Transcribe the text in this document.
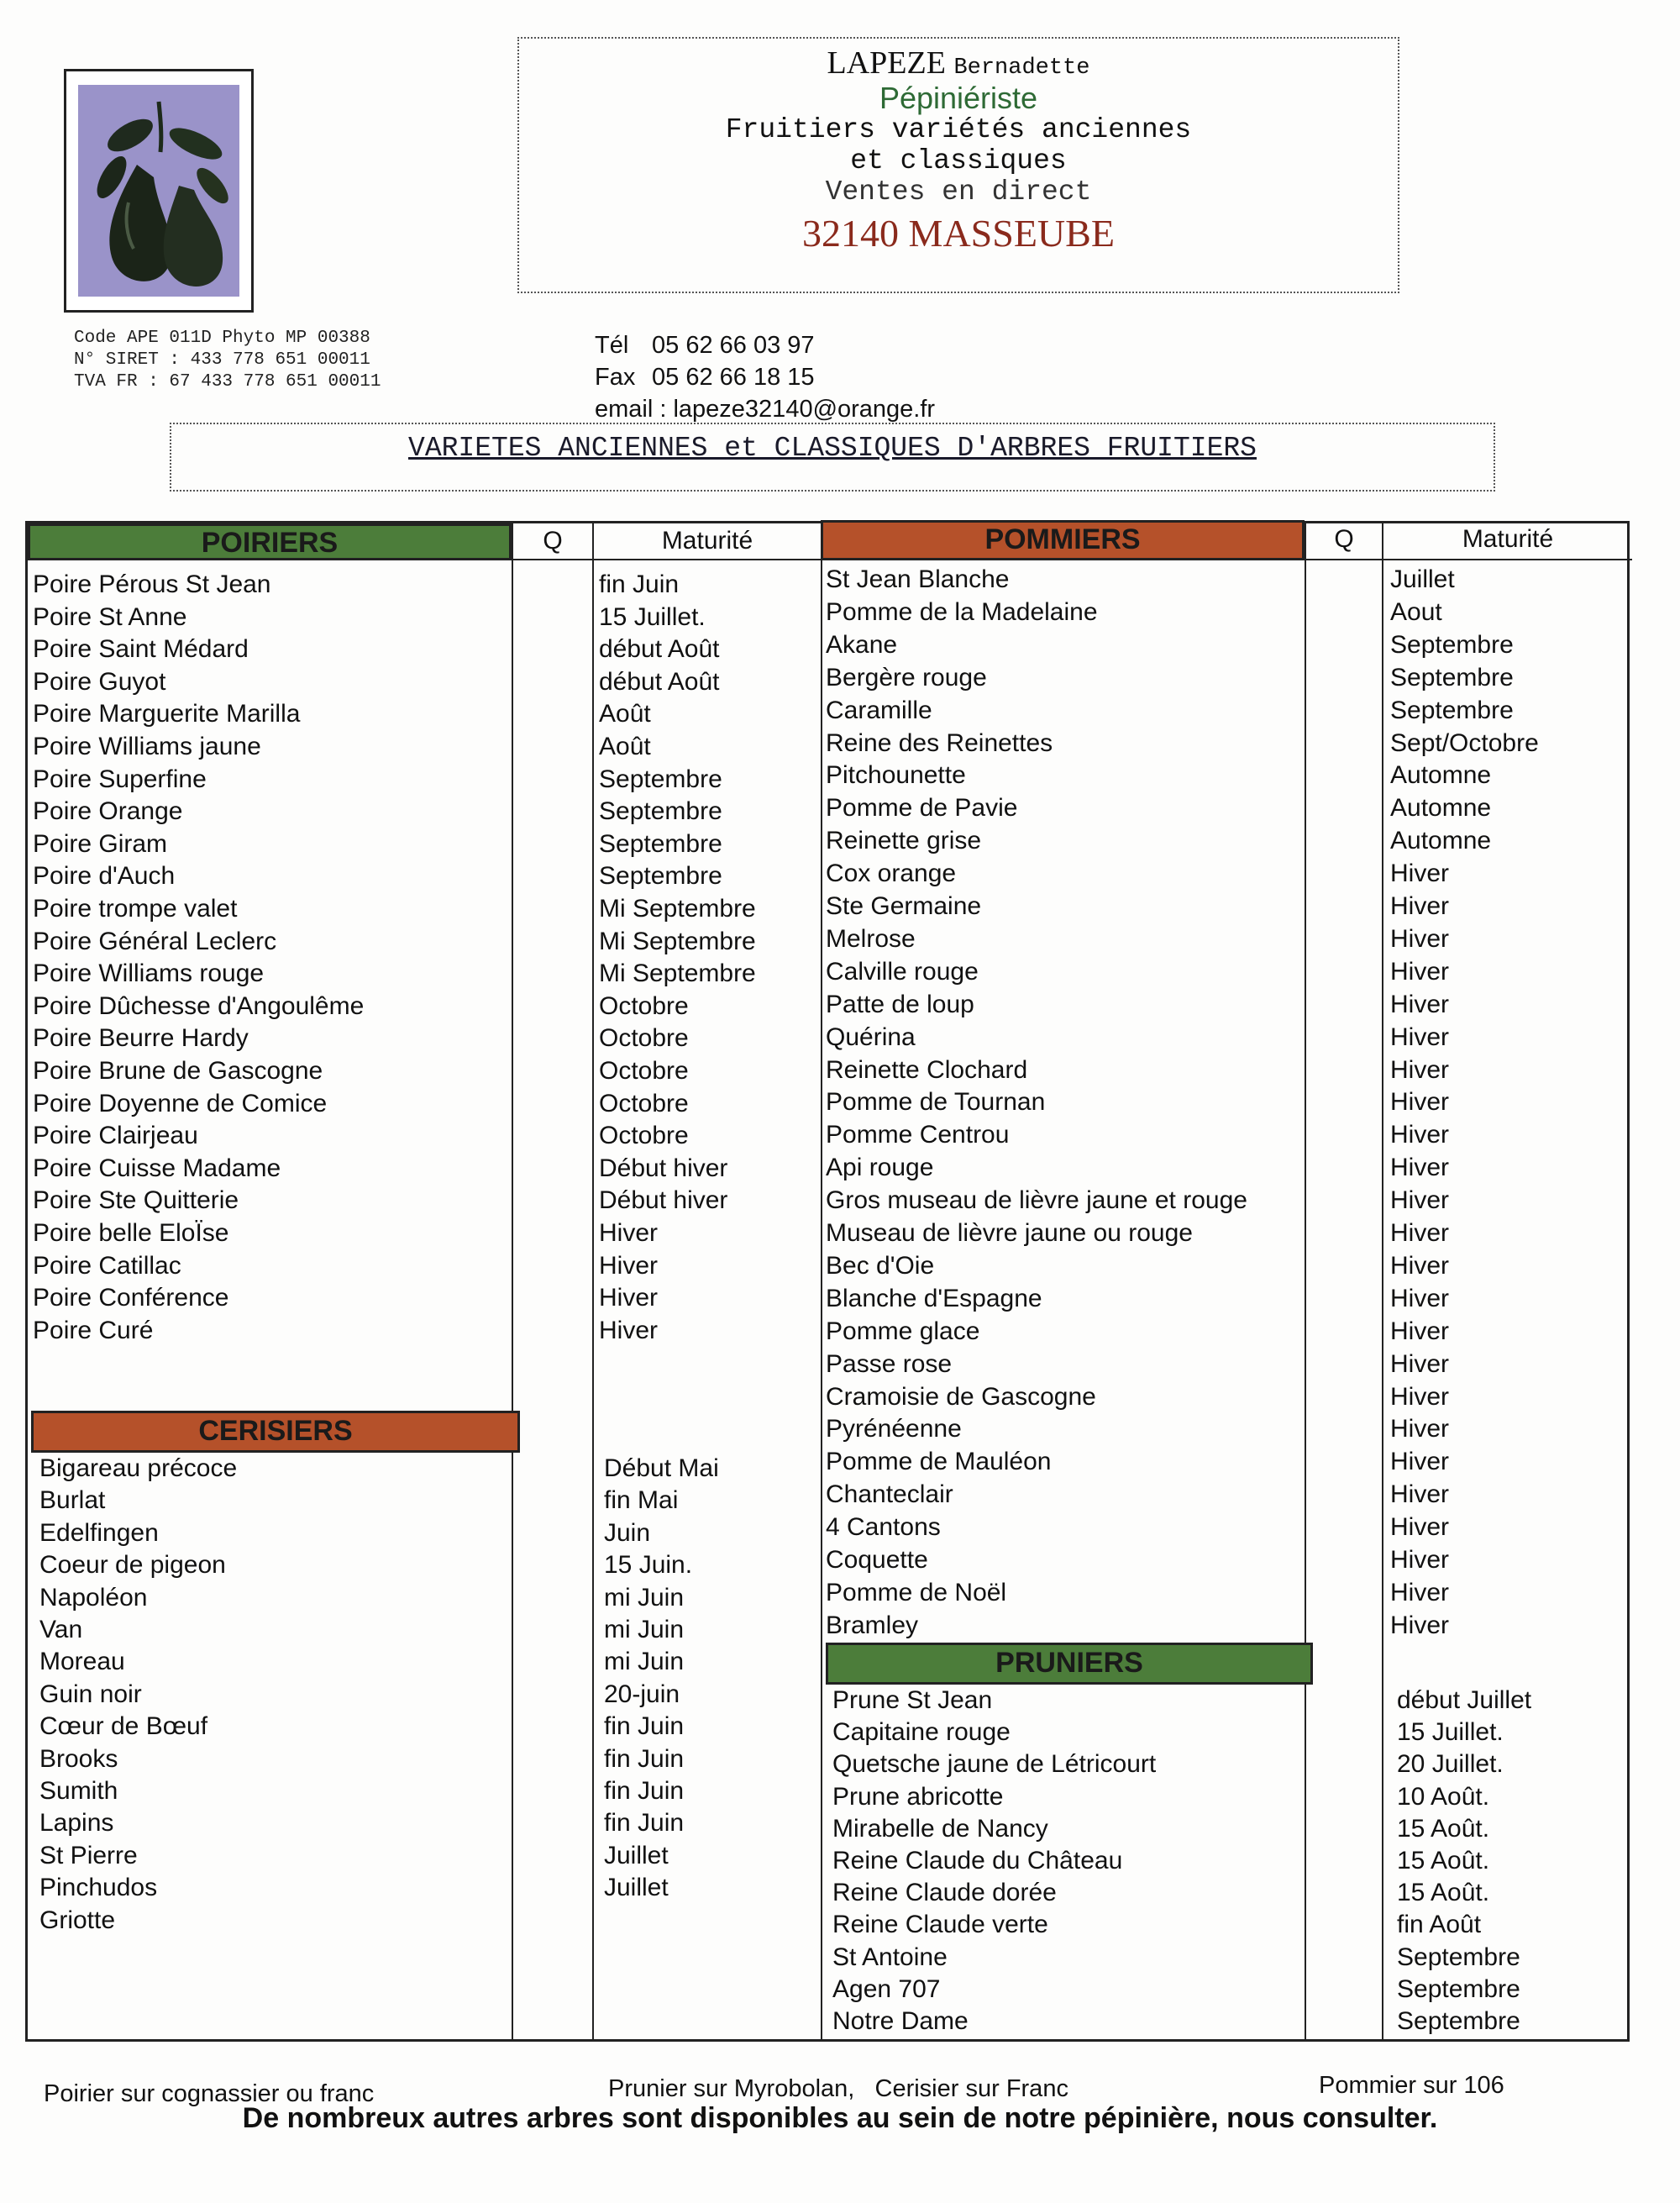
Code APE 011D Phyto MP 00388
N° SIRET : 433 778 651 00011
TVA FR : 67 433 778 651 00011
LAPEZE Bernadette
Pépiniériste
Fruitiers variétés anciennes
et classiques
Ventes en direct
32140 MASSEUBE
Tél 05 62 66 03 97
Fax 05 62 66 18 15
email : lapeze32140@orange.fr
VARIETES ANCIENNES et CLASSIQUES D'ARBRES FRUITIERS
POIRIERS	Q	Maturité	POMMIERS	Q	Maturité
CERISIERS
PRUNIERS
Poire Pérous St Jean	fin Juin
Poire St Anne	15 Juillet.
Poire Saint Médard	début Août
Poire Guyot	début Août
Poire Marguerite Marilla	Août
Poire Williams jaune	Août
Poire Superfine	Septembre
Poire Orange	Septembre
Poire Giram	Septembre
Poire d'Auch	Septembre
Poire trompe valet	Mi Septembre
Poire Général Leclerc	Mi Septembre
Poire Williams rouge	Mi Septembre
Poire Dûchesse d'Angoulême	Octobre
Poire Beurre Hardy	Octobre
Poire Brune de Gascogne	Octobre
Poire Doyenne de Comice	Octobre
Poire Clairjeau	Octobre
Poire Cuisse Madame	Début hiver
Poire Ste Quitterie	Début hiver
Poire belle EloÏse	Hiver
Poire Catillac	Hiver
Poire Conférence	Hiver
Poire Curé	Hiver
Bigareau précoce	Début Mai
Burlat	fin Mai
Edelfingen	Juin
Coeur de pigeon	15 Juin.
Napoléon	mi Juin
Van	mi Juin
Moreau	mi Juin
Guin noir	20-juin
Cœur de Bœuf	fin Juin
Brooks	fin Juin
Sumith	fin Juin
Lapins	fin Juin
St Pierre	Juillet
Pinchudos	Juillet
Griotte
St Jean Blanche	Juillet
Pomme de la Madelaine	Aout
Akane	Septembre
Bergère rouge	Septembre
Caramille	Septembre
Reine des Reinettes	Sept/Octobre
Pitchounette	Automne
Pomme de Pavie	Automne
Reinette grise	Automne
Cox orange	Hiver
Ste Germaine	Hiver
Melrose	Hiver
Calville rouge	Hiver
Patte de loup	Hiver
Quérina	Hiver
Reinette Clochard	Hiver
Pomme de Tournan	Hiver
Pomme Centrou	Hiver
Api rouge	Hiver
Gros museau de lièvre jaune et rouge	Hiver
Museau de lièvre jaune ou rouge	Hiver
Bec d'Oie	Hiver
Blanche d'Espagne	Hiver
Pomme glace	Hiver
Passe rose	Hiver
Cramoisie de Gascogne	Hiver
Pyrénéenne	Hiver
Pomme de Mauléon	Hiver
Chanteclair	Hiver
4 Cantons	Hiver
Coquette	Hiver
Pomme de Noël	Hiver
Bramley	Hiver
Prune St Jean	début Juillet
Capitaine rouge	15 Juillet.
Quetsche jaune de Létricourt	20 Juillet.
Prune abricotte	10 Août.
Mirabelle de Nancy	15 Août.
Reine Claude du Château	15 Août.
Reine Claude dorée	15 Août.
Reine Claude verte	fin Août
St Antoine	Septembre
Agen 707	Septembre
Notre Dame	Septembre
Poirier sur cognassier ou franc	Prunier sur Myrobolan,   Cerisier sur Franc	Pommier sur 106
De nombreux autres arbres sont disponibles au sein de notre pépinière, nous consulter.
